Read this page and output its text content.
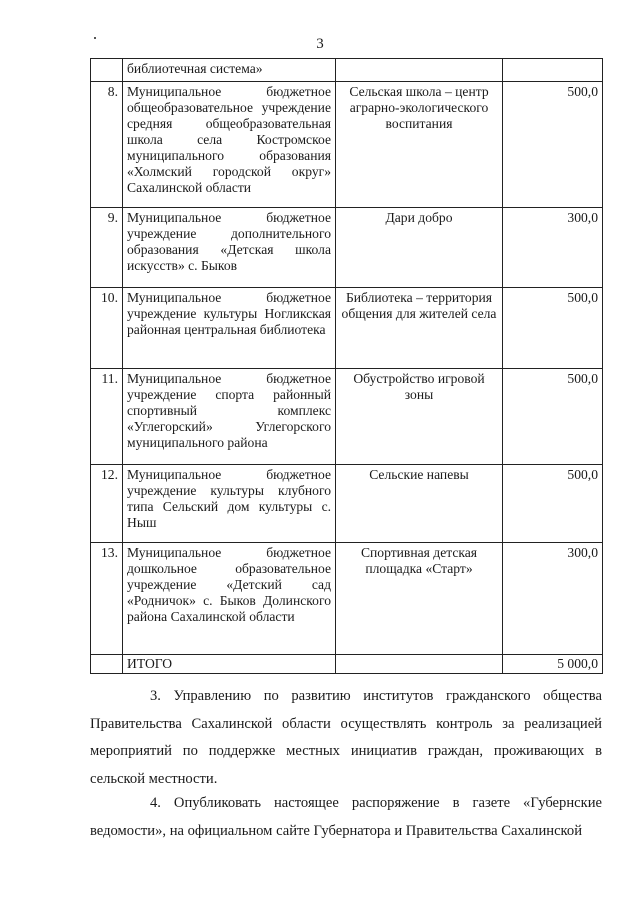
3
	библиотечная система»		
8.	Муниципальное бюджетное общеобразовательное учреждение средняя общеобразовательная школа села Костромское муниципального образования «Холмский городской округ» Сахалинской области	Сельская школа – центр аграрно-экологического воспитания	500,0
9.	Муниципальное бюджетное учреждение дополнительного образования «Детская школа искусств» с. Быков	Дари добро	300,0
10.	Муниципальное бюджетное учреждение культуры Ногликская районная центральная библиотека	Библиотека – территория общения для жителей села	500,0
11.	Муниципальное бюджетное учреждение спорта районный спортивный комплекс «Углегорский» Углегорского муниципального района	Обустройство игровой зоны	500,0
12.	Муниципальное бюджетное учреждение культуры клубного типа Сельский дом культуры с. Ныш	Сельские напевы	500,0
13.	Муниципальное бюджетное дошкольное образовательное учреждение «Детский сад «Родничок» с. Быков Долинского района Сахалинской области	Спортивная детская площадка «Старт»	300,0
	ИТОГО		5 000,0

3. Управлению по развитию институтов гражданского общества Правительства Сахалинской области осуществлять контроль за реализацией мероприятий по поддержке местных инициатив граждан, проживающих в сельской местности.

4. Опубликовать настоящее распоряжение в газете «Губернские ведомости», на официальном сайте Губернатора и Правительства Сахалинской
